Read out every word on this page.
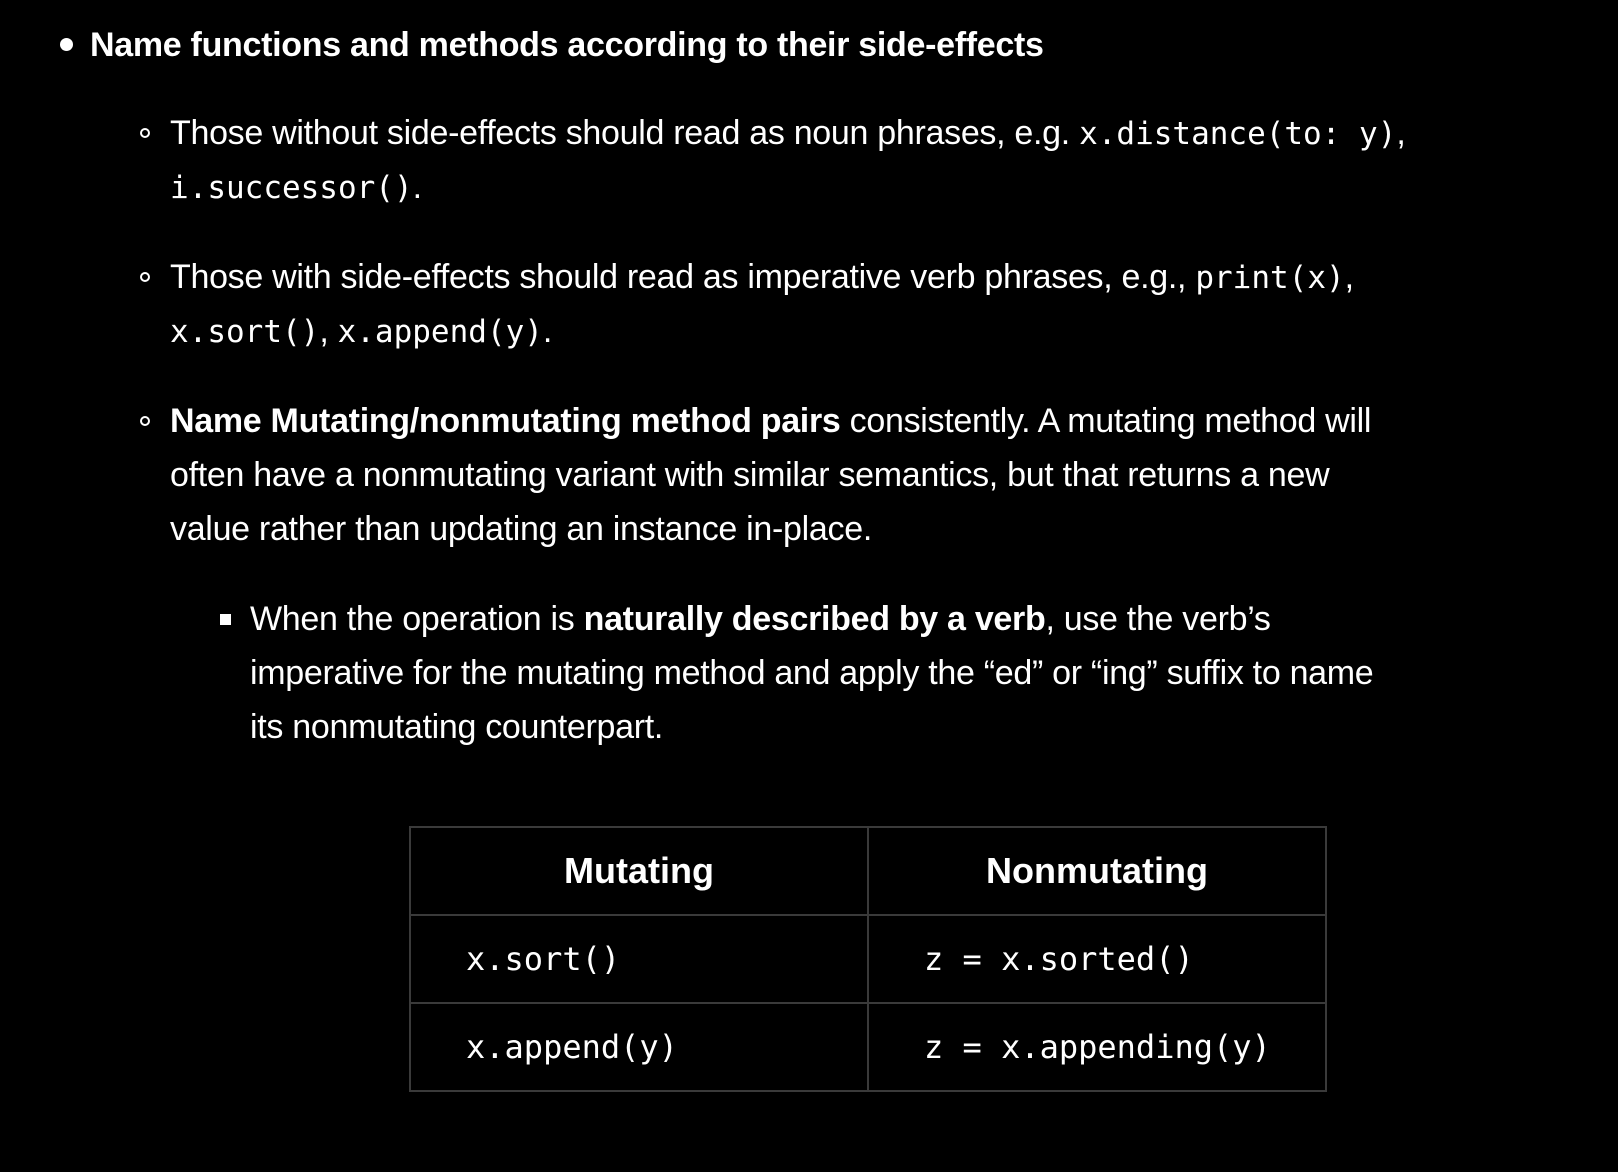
Name functions and methods according to their side-effects
Those without side-effects should read as noun phrases, e.g. x.distance(to: y),
i.successor().
Those with side-effects should read as imperative verb phrases, e.g., print(x),
x.sort(), x.append(y).
Name Mutating/nonmutating method pairs consistently. A mutating method will
often have a nonmutating variant with similar semantics, but that returns a new
value rather than updating an instance in-place.
When the operation is naturally described by a verb, use the verb’s
imperative for the mutating method and apply the “ed” or “ing” suffix to name
its nonmutating counterpart.
Mutating	Nonmutating
x.sort()	z = x.sorted()
x.append(y)	z = x.appending(y)
